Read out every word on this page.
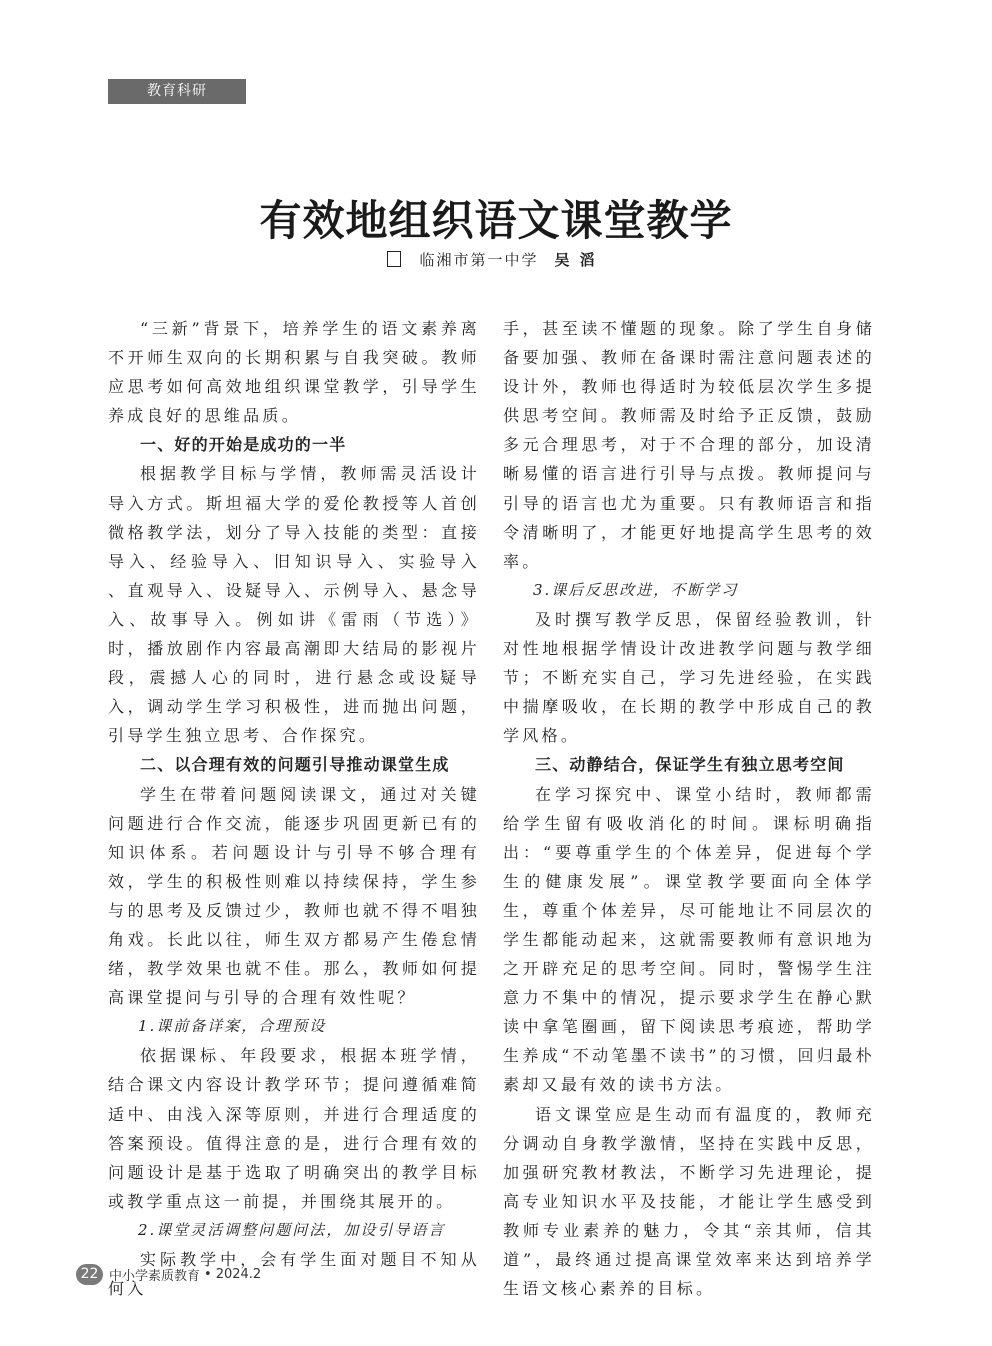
教育科研
有效地组织语文课堂教学
临湘市第一中学 吴滔

“三新”背景下，培养学生的语文素养离不开师生双向的长期积累与自我突破。教师应思考如何高效地组织课堂教学，引导学生养成良好的思维品质。

一、好的开始是成功的一半

根据教学目标与学情，教师需灵活设计导入方式。斯坦福大学的爱伦教授等人首创微格教学法，划分了导入技能的类型：直接导入、经验导入、旧知识导入、实验导入 、直观导入、设疑导入、示例导入、悬念导入、故事导入。例如讲《雷雨（节选）》时，播放剧作内容最高潮即大结局的影视片段，震撼人心的同时，进行悬念或设疑导入，调动学生学习积极性，进而抛出问题，引导学生独立思考、合作探究。

二、以合理有效的问题引导推动课堂生成

学生在带着问题阅读课文，通过对关键问题进行合作交流，能逐步巩固更新已有的知识体系。若问题设计与引导不够合理有效，学生的积极性则难以持续保持，学生参与的思考及反馈过少，教师也就不得不唱独角戏。长此以往，师生双方都易产生倦怠情绪，教学效果也就不佳。那么，教师如何提高课堂提问与引导的合理有效性呢？

1.课前备详案，合理预设

依据课标、年段要求，根据本班学情，结合课文内容设计教学环节；提问遵循难简适中、由浅入深等原则，并进行合理适度的答案预设。值得注意的是，进行合理有效的问题设计是基于选取了明确突出的教学目标或教学重点这一前提，并围绕其展开的。

2.课堂灵活调整问题问法，加设引导语言

实际教学中，会有学生面对题目不知从何入

手，甚至读不懂题的现象。除了学生自身储备要加强、教师在备课时需注意问题表述的设计外，教师也得适时为较低层次学生多提供思考空间。教师需及时给予正反馈，鼓励多元合理思考，对于不合理的部分，加设清晰易懂的语言进行引导与点拨。教师提问与引导的语言也尤为重要。只有教师语言和指令清晰明了，才能更好地提高学生思考的效率。

3.课后反思改进，不断学习

及时撰写教学反思，保留经验教训，针对性地根据学情设计改进教学问题与教学细节；不断充实自己，学习先进经验，在实践中揣摩吸收，在长期的教学中形成自己的教学风格。

三、动静结合，保证学生有独立思考空间

在学习探究中、课堂小结时，教师都需给学生留有吸收消化的时间。课标明确指出：“要尊重学生的个体差异，促进每个学生的健康发展”。课堂教学要面向全体学生，尊重个体差异，尽可能地让不同层次的学生都能动起来，这就需要教师有意识地为之开辟充足的思考空间。同时，警惕学生注意力不集中的情况，提示要求学生在静心默读中拿笔圈画，留下阅读思考痕迹，帮助学生养成“不动笔墨不读书”的习惯，回归最朴素却又最有效的读书方法。

语文课堂应是生动而有温度的，教师充分调动自身教学激情，坚持在实践中反思，加强研究教材教法，不断学习先进理论，提高专业知识水平及技能，才能让学生感受到教师专业素养的魅力，令其“亲其师，信其道”，最终通过提高课堂效率来达到培养学生语文核心素养的目标。

22 中小学素质教育 • 2024.2
